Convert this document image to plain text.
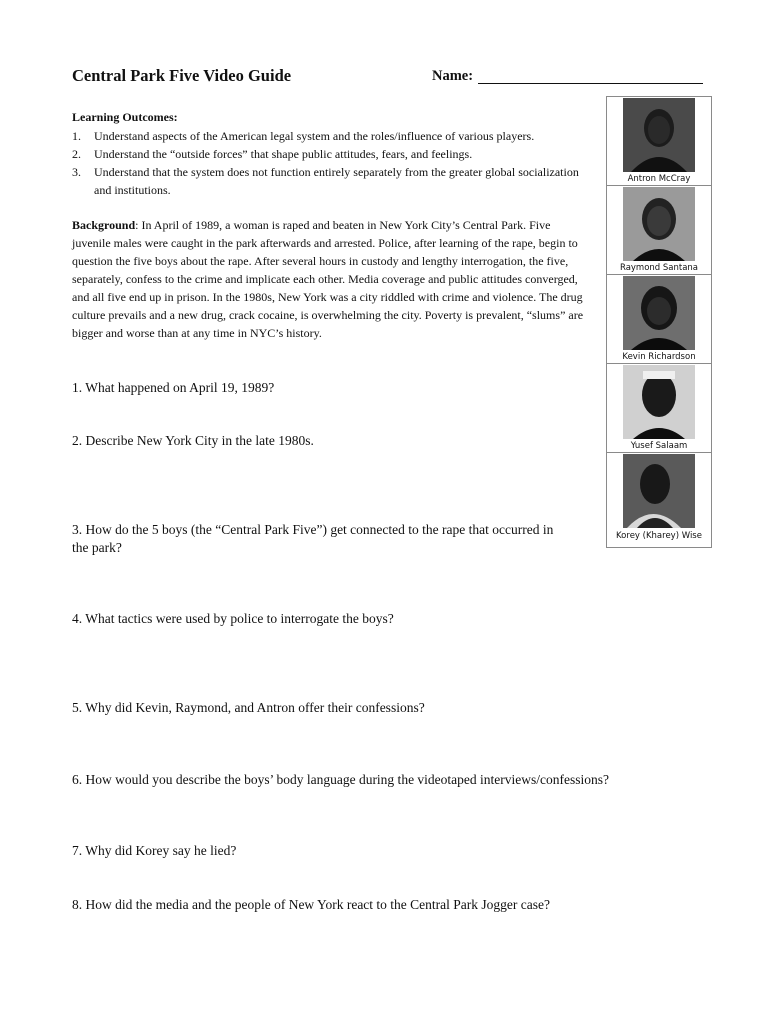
Central Park Five Video Guide	Name:
Learning Outcomes:
1.	Understand aspects of the American legal system and the roles/influence of various players.
2.	Understand the “outside forces” that shape public attitudes, fears, and feelings.
3.	Understand that the system does not function entirely separately from the greater global socialization and institutions.
Background: In April of 1989, a woman is raped and beaten in New York City’s Central Park. Five juvenile males were caught in the park afterwards and arrested. Police, after learning of the rape, begin to question the five boys about the rape. After several hours in custody and lengthy interrogation, the five, separately, confess to the crime and implicate each other. Media coverage and public attitudes converged, and all five end up in prison. In the 1980s, New York was a city riddled with crime and violence. The drug culture prevails and a new drug, crack cocaine, is overwhelming the city. Poverty is prevalent, “slums” are bigger and worse than at any time in NYC’s history.
1. What happened on April 19, 1989?
2. Describe New York City in the late 1980s.
3. How do the 5 boys (the “Central Park Five”) get connected to the rape that occurred in the park?
4. What tactics were used by police to interrogate the boys?
5. Why did Kevin, Raymond, and Antron offer their confessions?
6. How would you describe the boys’ body language during the videotaped interviews/confessions?
7. Why did Korey say he lied?
8. How did the media and the people of New York react to the Central Park Jogger case?
Antron McCray
Raymond Santana
Kevin Richardson
Yusef Salaam
Korey (Kharey) Wise
